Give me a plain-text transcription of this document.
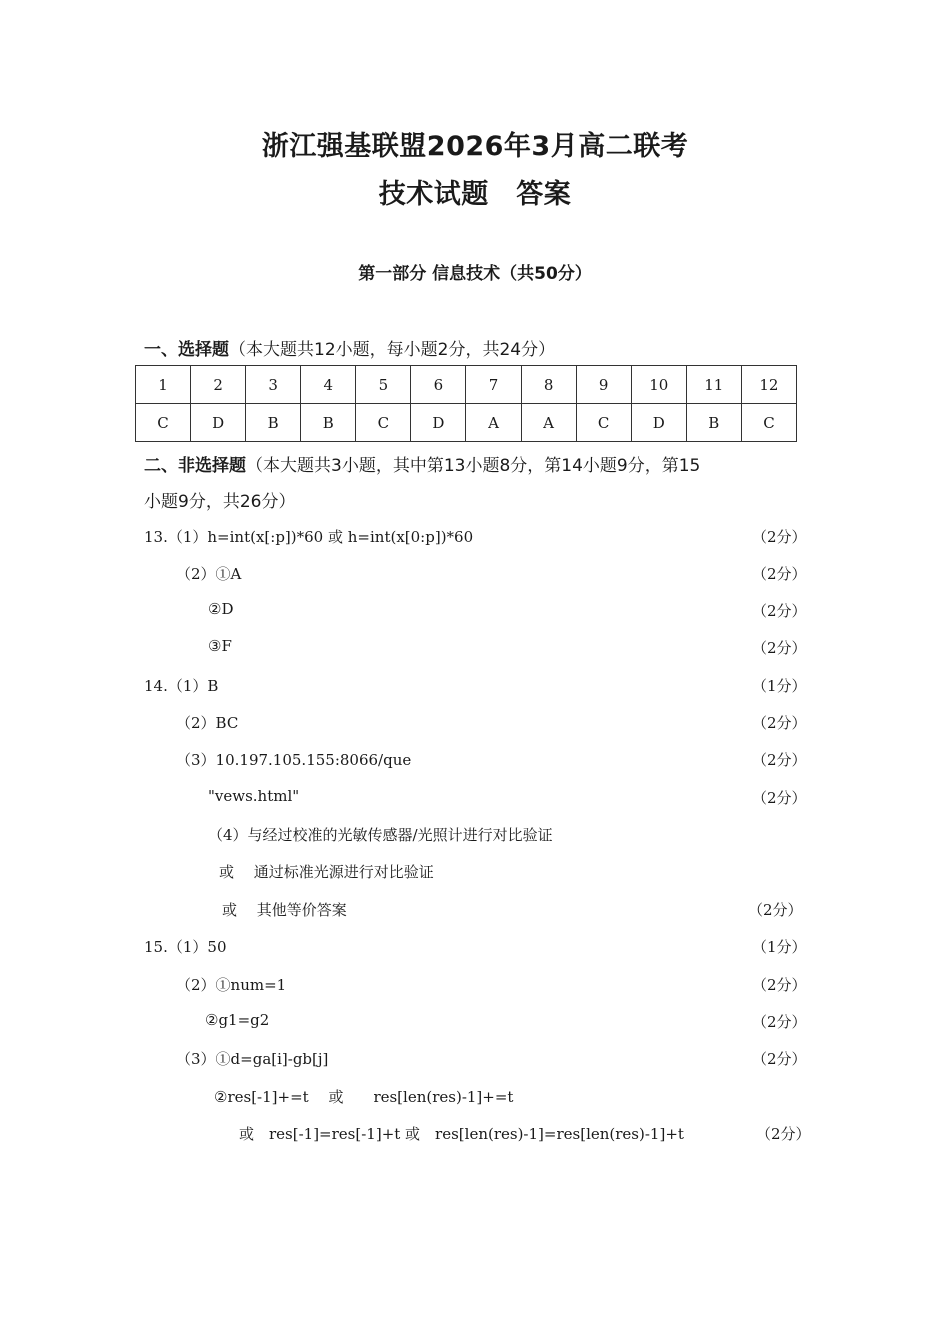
浙江强基联盟2026年3月高二联考
技术试题　答案
第一部分 信息技术（共50分）
一、选择题（本大题共12小题，每小题2分，共24分）
1	2	3	4	5	6	7	8	9	10	11	12
C	D	B	B	C	D	A	A	C	D	B	C
二、非选择题（本大题共3小题，其中第13小题8分，第14小题9分，第15
小题9分，共26分）
13.（1）h=int(x[:p])*60 或 h=int(x[0:p])*60	（2分）
（2）①A	（2分）
②D	（2分）
③F	（2分）
14.（1）B	（1分）
（2）BC	（2分）
（3）10.197.105.155:8066/que	（2分）
"vews.html"	（2分）
（4）与经过校准的光敏传感器/光照计进行对比验证
或　 通过标准光源进行对比验证
或　 其他等价答案	（2分）
15.（1）50	（1分）
（2）①num=1	（2分）
②g1=g2	（2分）
（3）①d=ga[i]-gb[j]	（2分）
②res[-1]+=t　 或　　res[len(res)-1]+=t
或　res[-1]=res[-1]+t 或　res[len(res)-1]=res[len(res)-1]+t	（2分）
